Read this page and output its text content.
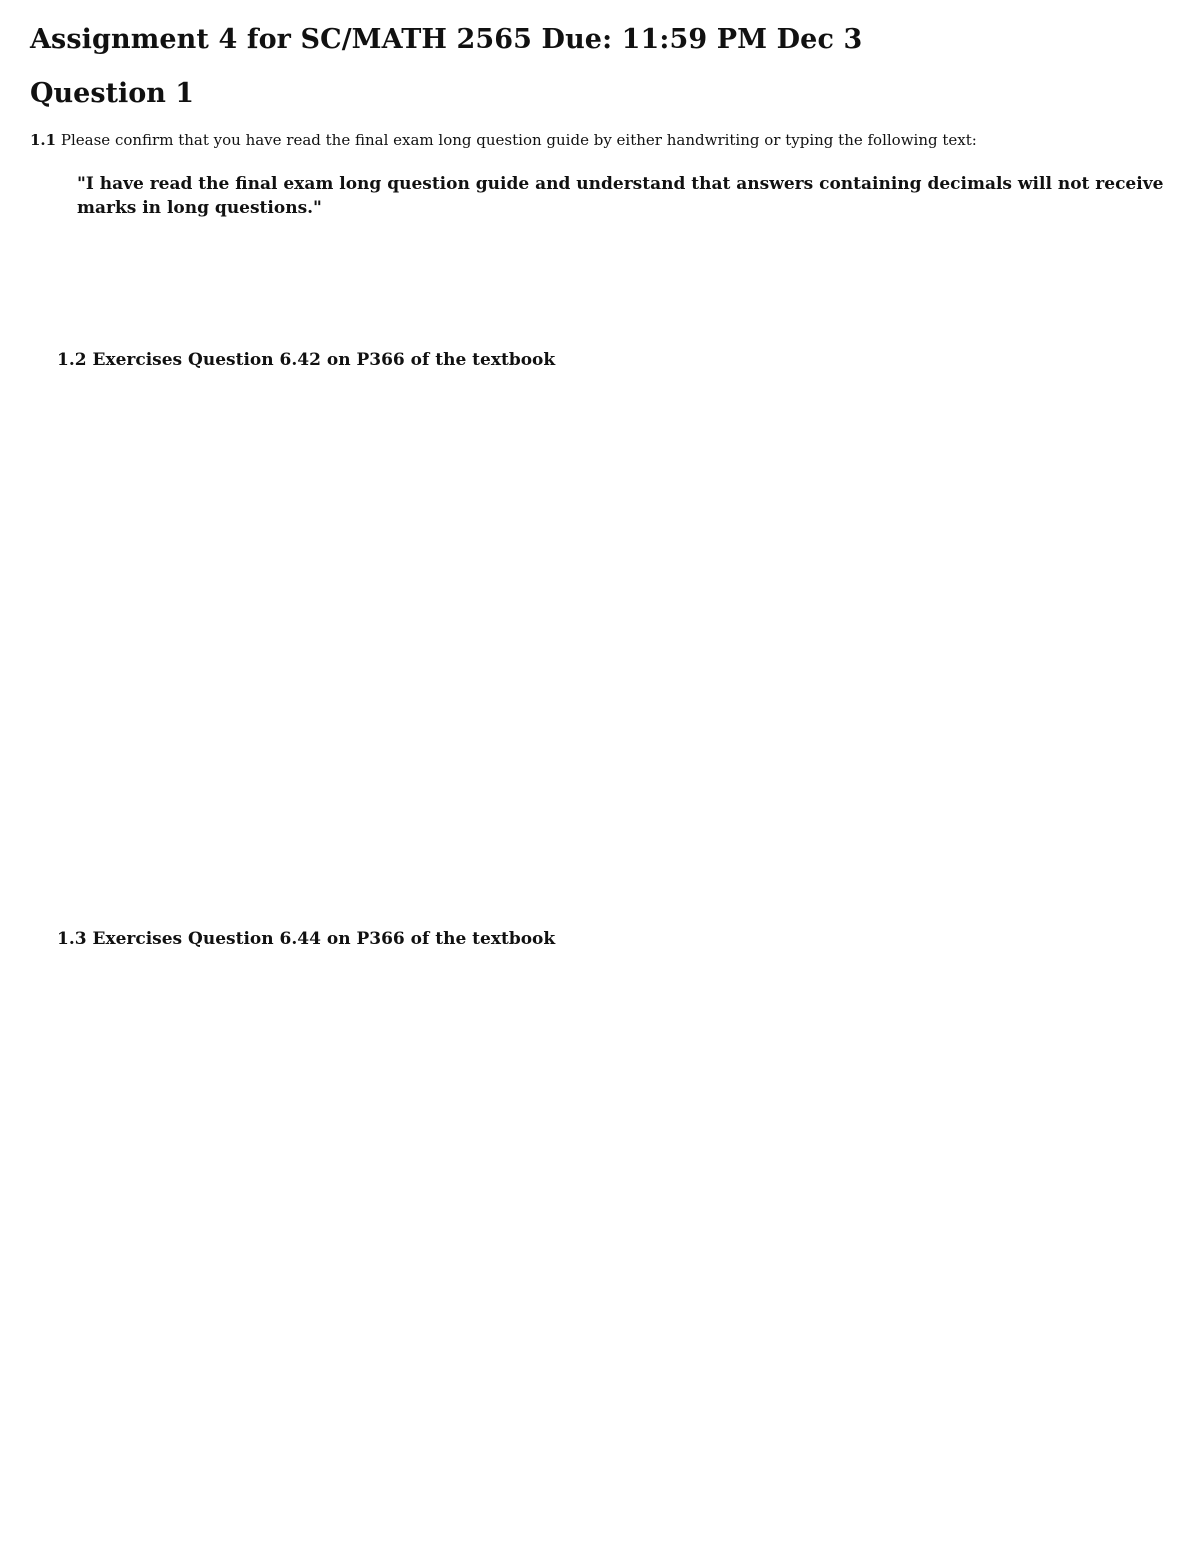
Assignment 4 for SC/MATH 2565 Due: 11:59 PM Dec 3
Question 1
1.1 Please confirm that you have read the final exam long question guide by either handwriting or typing the following text:
"I have read the final exam long question guide and understand that answers containing decimals will not receive marks in long questions."
1.2 Exercises Question 6.42 on P366 of the textbook
1.3 Exercises Question 6.44 on P366 of the textbook
